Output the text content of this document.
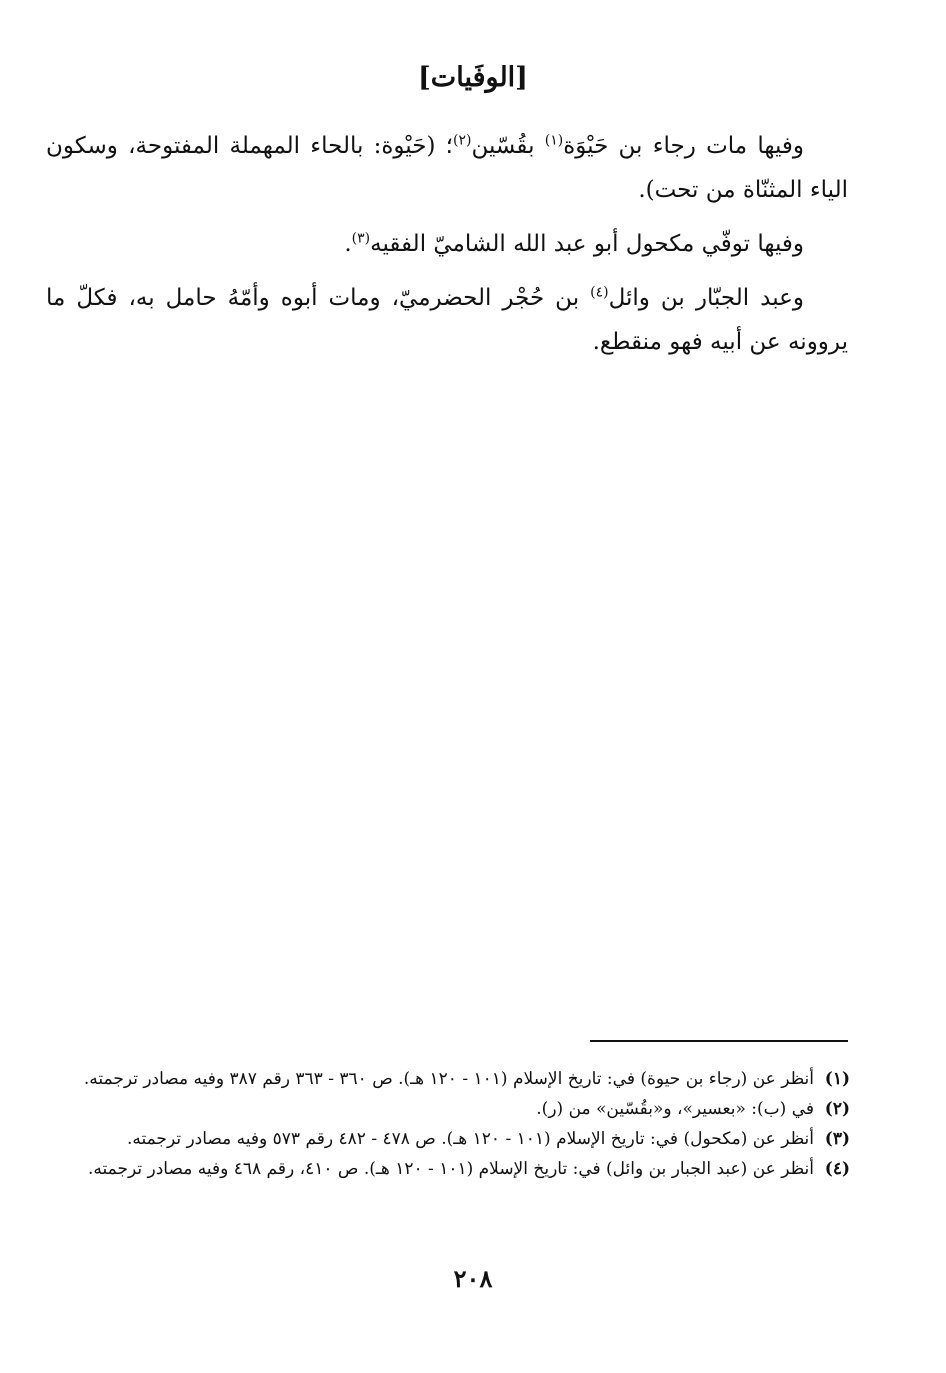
[الوفَيات]

وفيها مات رجاء بن حَيْوَة$^{(١)}$ بقُسّين$^{(٢)}$؛ (حَيْوة: بالحاء المهملة المفتوحة، وسكون الياء المثنّاة من تحت).

وفيها توفّي مكحول أبو عبد الله الشاميّ الفقيه$^{(٣)}$.

وعبد الجبّار بن وائل$^{(٤)}$ بن حُجْر الحضرميّ، ومات أبوه وأمّهُ حامل به، فكلّ ما يروونه عن أبيه فهو منقطع.

(١)
أنظر عن (رجاء بن حيوة) في: تاريخ الإسلام (١٠١ - ١٢٠ هـ). ص ٣٦٠ - ٣٦٣ رقم ٣٨٧ وفيه مصادر ترجمته.

(٢)
في (ب): «بعسير»، و«بقُسّين» من (ر).

(٣)
أنظر عن (مكحول) في: تاريخ الإسلام (١٠١ - ١٢٠ هـ). ص ٤٧٨ - ٤٨٢ رقم ٥٧٣ وفيه مصادر ترجمته.

(٤)
أنظر عن (عبد الجبار بن وائل) في: تاريخ الإسلام (١٠١ - ١٢٠ هـ). ص ٤١٠، رقم ٤٦٨ وفيه مصادر ترجمته.

٢٠٨
